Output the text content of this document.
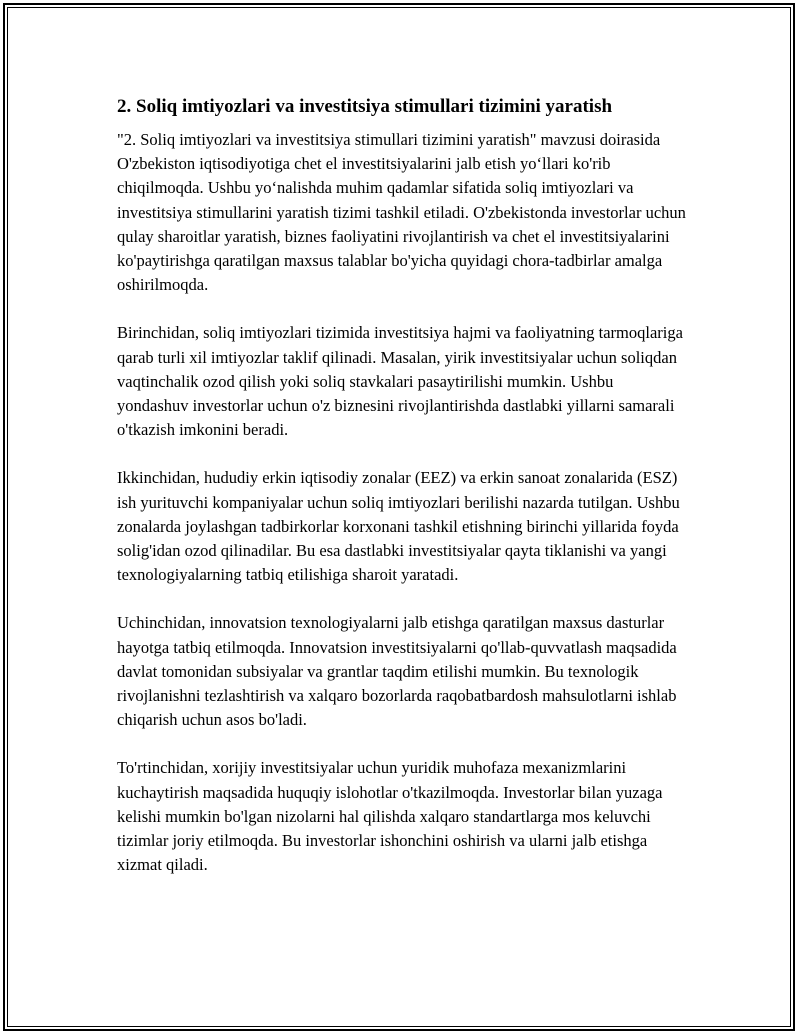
2. Soliq imtiyozlari va investitsiya stimullari tizimini yaratish

"2. Soliq imtiyozlari va investitsiya stimullari tizimini yaratish" mavzusi doirasida O'zbekiston iqtisodiyotiga chet el investitsiyalarini jalb etish yo‘llari ko'rib chiqilmoqda. Ushbu yo‘nalishda muhim qadamlar sifatida soliq imtiyozlari va investitsiya stimullarini yaratish tizimi tashkil etiladi. O'zbekistonda investorlar uchun qulay sharoitlar yaratish, biznes faoliyatini rivojlantirish va chet el investitsiyalarini ko'paytirishga qaratilgan maxsus talablar bo'yicha quyidagi chora-tadbirlar amalga oshirilmoqda.

Birinchidan, soliq imtiyozlari tizimida investitsiya hajmi va faoliyatning tarmoqlariga qarab turli xil imtiyozlar taklif qilinadi. Masalan, yirik investitsiyalar uchun soliqdan vaqtinchalik ozod qilish yoki soliq stavkalari pasaytirilishi mumkin. Ushbu yondashuv investorlar uchun o'z biznesini rivojlantirishda dastlabki yillarni samarali o'tkazish imkonini beradi.

Ikkinchidan, hududiy erkin iqtisodiy zonalar (EEZ) va erkin sanoat zonalarida (ESZ) ish yurituvchi kompaniyalar uchun soliq imtiyozlari berilishi nazarda tutilgan. Ushbu zonalarda joylashgan tadbirkorlar korxonani tashkil etishning birinchi yillarida foyda solig'idan ozod qilinadilar. Bu esa dastlabki investitsiyalar qayta tiklanishi va yangi texnologiyalarning tatbiq etilishiga sharoit yaratadi.

Uchinchidan, innovatsion texnologiyalarni jalb etishga qaratilgan maxsus dasturlar hayotga tatbiq etilmoqda. Innovatsion investitsiyalarni qo'llab-quvvatlash maqsadida davlat tomonidan subsiyalar va grantlar taqdim etilishi mumkin. Bu texnologik rivojlanishni tezlashtirish va xalqaro bozorlarda raqobatbardosh mahsulotlarni ishlab chiqarish uchun asos bo'ladi.

To'rtinchidan, xorijiy investitsiyalar uchun yuridik muhofaza mexanizmlarini kuchaytirish maqsadida huquqiy islohotlar o'tkazilmoqda. Investorlar bilan yuzaga kelishi mumkin bo'lgan nizolarni hal qilishda xalqaro standartlarga mos keluvchi tizimlar joriy etilmoqda. Bu investorlar ishonchini oshirish va ularni jalb etishga xizmat qiladi.
